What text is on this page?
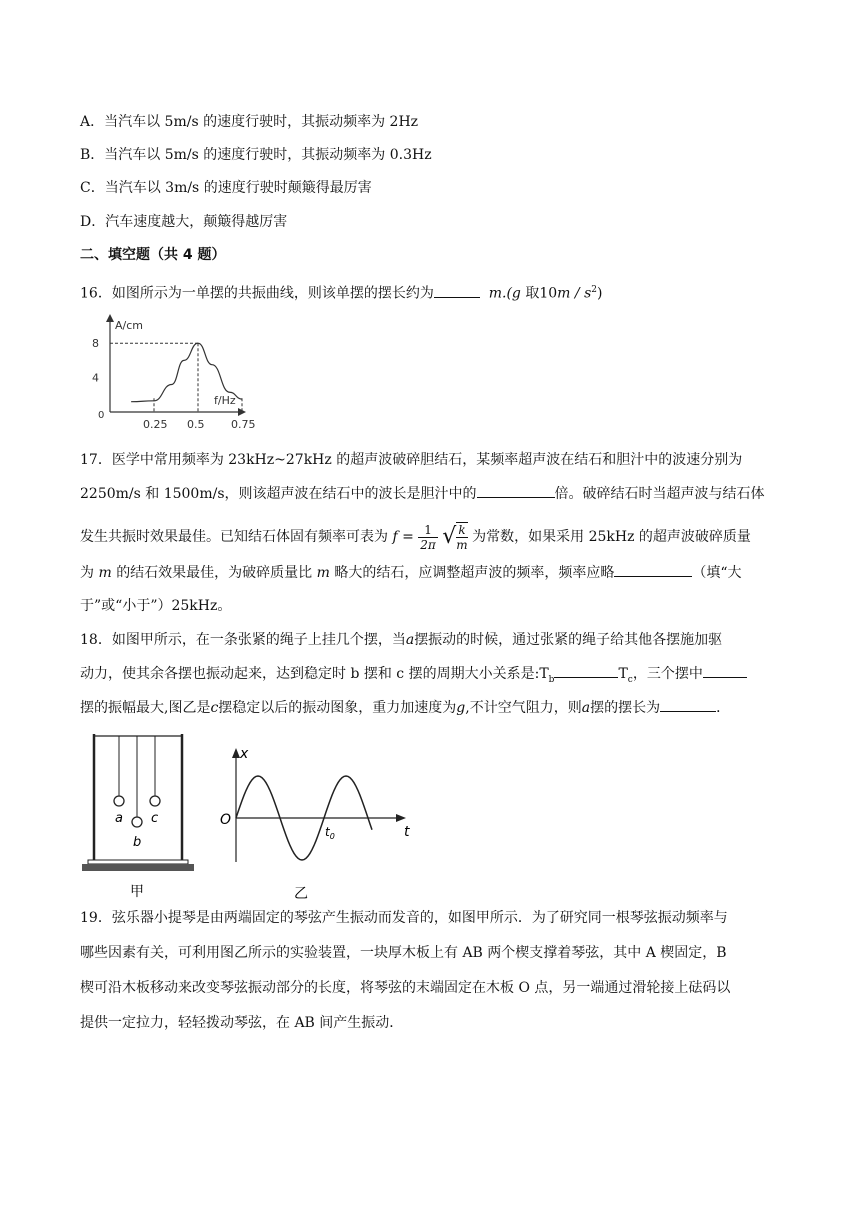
A．当汽车以 5m/s 的速度行驶时，其振动频率为 2Hz
B．当汽车以 5m/s 的速度行驶时，其振动频率为 0.3Hz
C．当汽车以 3m/s 的速度行驶时颠簸得最厉害
D．汽车速度越大，颠簸得越厉害
二、填空题（共 4 题）
16．如图所示为一单摆的共振曲线，则该单摆的摆长约为	m.(g 取$10m / s^2$)
A/cm
f/Hz
0
0.25 0.5 0.75
4
8
17．医学中常用频率为 23kHz~27kHz 的超声波破碎胆结石，某频率超声波在结石和胆汁中的波速分别为
2250m/s 和 1500m/s，则该超声波在结石中的波长是胆汁中的	倍。破碎结石时当超声波与结石体
发生共振时效果最佳。已知结石体固有频率可表为 $f = \frac{1}{2\pi}$ √ $\frac{k}{m}$ 为常数，如果采用 25kHz 的超声波破碎质量
为 m 的结石效果最佳，为破碎质量比 m 略大的结石，应调整超声波的频率，频率应略	（填“大
于”或“小于”）25kHz。
18．如图甲所示，在一条张紧的绳子上挂几个摆，当a摆振动的时候，通过张紧的绳子给其他各摆施加驱
动力，使其余各摆也振动起来，达到稳定时 b 摆和 c 摆的周期大小关系是$:T_b$	$T_c$，三个摆中
摆的振幅最大,图乙是c摆稳定以后的振动图象，重力加速度为g,不计空气阻力，则a摆的摆长为	．
a
b
c
甲
x
t
O
$t_0$
乙
19．弦乐器小提琴是由两端固定的琴弦产生振动而发音的，如图甲所示．为了研究同一根琴弦振动频率与
哪些因素有关，可利用图乙所示的实验装置，一块厚木板上有 AB 两个楔支撑着琴弦，其中 A 楔固定，B
楔可沿木板移动来改变琴弦振动部分的长度，将琴弦的末端固定在木板 O 点，另一端通过滑轮接上砝码以
提供一定拉力，轻轻拨动琴弦，在 AB 间产生振动．
